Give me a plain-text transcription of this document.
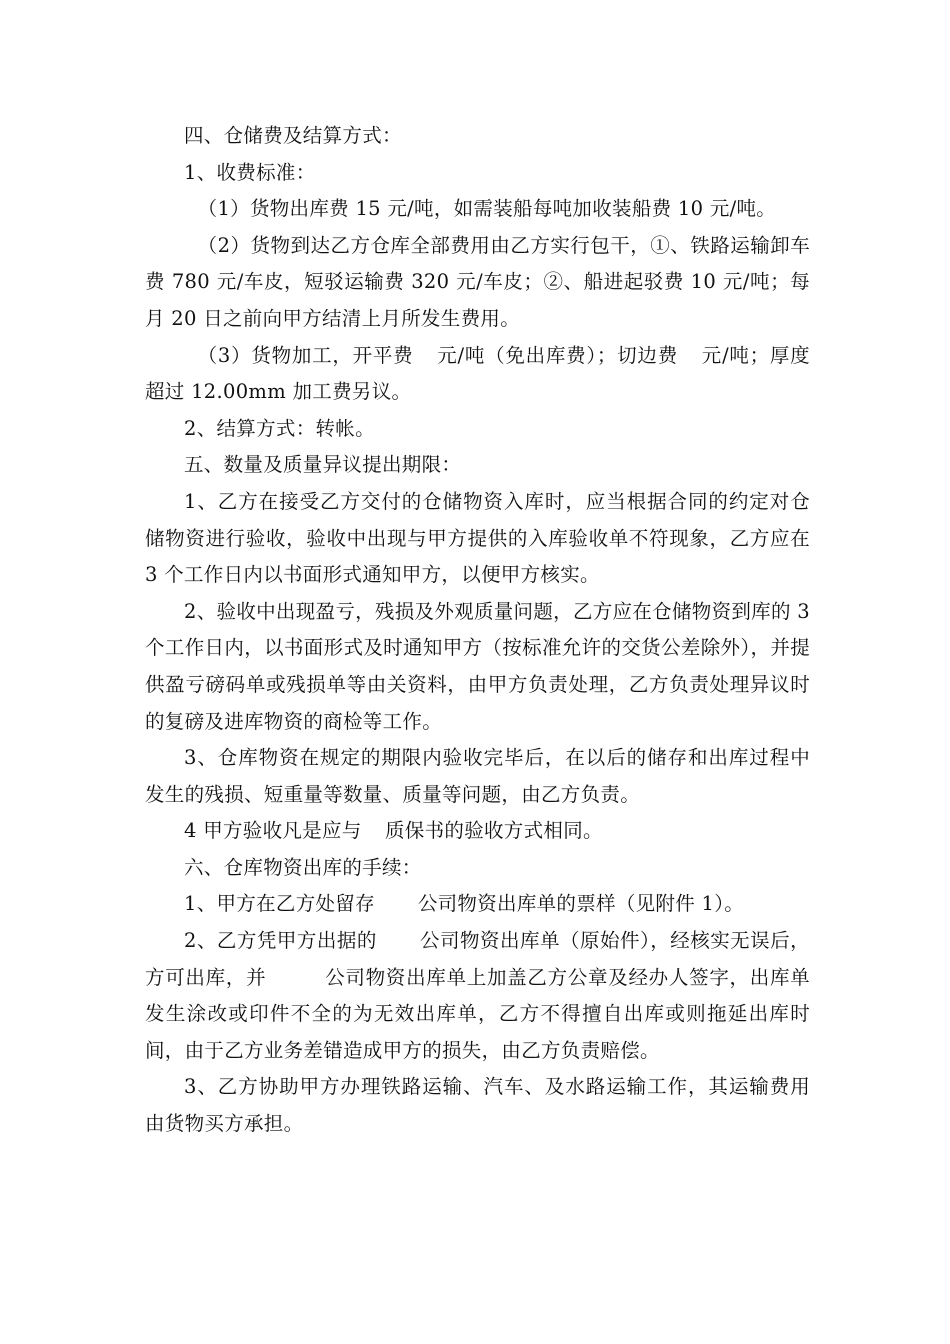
四、仓储费及结算方式：

1、收费标准：

（1）货物出库费 15 元/吨，如需装船每吨加收装船费 10 元/吨。

（2）货物到达乙方仓库全部费用由乙方实行包干，①、铁路运输卸车费 780 元/车皮，短驳运输费 320 元/车皮；②、船进起驳费 10 元/吨；每月 20 日之前向甲方结清上月所发生费用。

（3）货物加工，开平费 元/吨（免出库费）；切边费 元/吨；厚度超过 12.00mm 加工费另议。

2、结算方式：转帐。

五、数量及质量异议提出期限：

1、乙方在接受乙方交付的仓储物资入库时，应当根据合同的约定对仓储物资进行验收，验收中出现与甲方提供的入库验收单不符现象，乙方应在 3 个工作日内以书面形式通知甲方，以便甲方核实。

2、验收中出现盈亏，残损及外观质量问题，乙方应在仓储物资到库的 3 个工作日内，以书面形式及时通知甲方（按标准允许的交货公差除外），并提供盈亏磅码单或残损单等由关资料，由甲方负责处理，乙方负责处理异议时的复磅及进库物资的商检等工作。

3、仓库物资在规定的期限内验收完毕后，在以后的储存和出库过程中发生的残损、短重量等数量、质量等问题，由乙方负责。

4 甲方验收凡是应与 质保书的验收方式相同。

六、仓库物资出库的手续：

1、甲方在乙方处留存 公司物资出库单的票样（见附件 1）。

2、乙方凭甲方出据的 公司物资出库单（原始件），经核实无误后，方可出库，并	公司物资出库单上加盖乙方公章及经办人签字，出库单发生涂改或印件不全的为无效出库单，乙方不得擅自出库或则拖延出库时间，由于乙方业务差错造成甲方的损失，由乙方负责赔偿。

3、乙方协助甲方办理铁路运输、汽车、及水路运输工作，其运输费用由货物买方承担。
